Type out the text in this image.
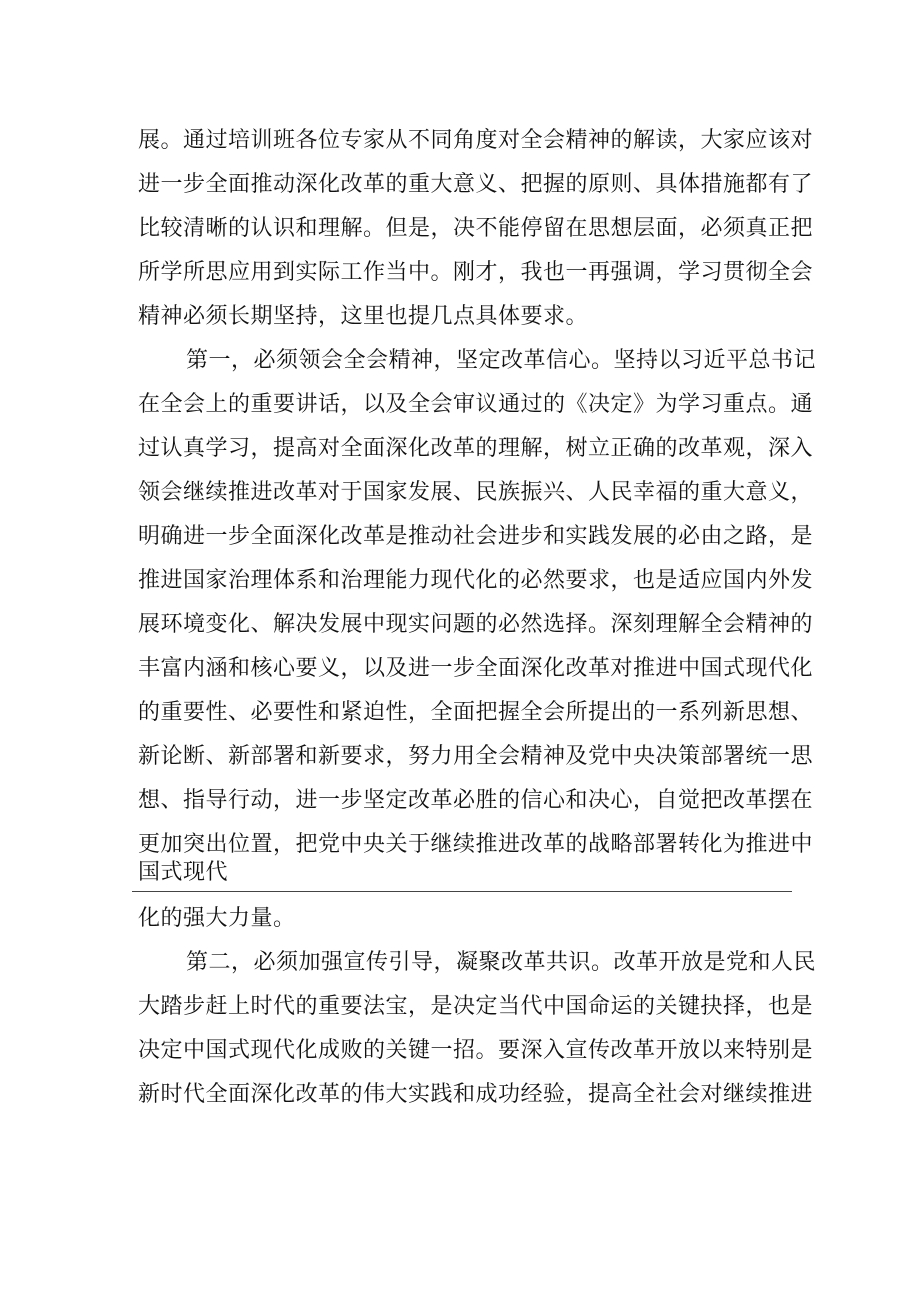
展。通过培训班各位专家从不同角度对全会精神的解读，大家应该对
进一步全面推动深化改革的重大意义、把握的原则、具体措施都有了
比较清晰的认识和理解。但是，决不能停留在思想层面，必须真正把
所学所思应用到实际工作当中。刚才，我也一再强调，学习贯彻全会
精神必须长期坚持，这里也提几点具体要求。
第一，必须领会全会精神，坚定改革信心。坚持以习近平总书记
在全会上的重要讲话，以及全会审议通过的《决定》为学习重点。通
过认真学习，提高对全面深化改革的理解，树立正确的改革观，深入
领会继续推进改革对于国家发展、民族振兴、人民幸福的重大意义，
明确进一步全面深化改革是推动社会进步和实践发展的必由之路，是
推进国家治理体系和治理能力现代化的必然要求，也是适应国内外发
展环境变化、解决发展中现实问题的必然选择。深刻理解全会精神的
丰富内涵和核心要义，以及进一步全面深化改革对推进中国式现代化
的重要性、必要性和紧迫性，全面把握全会所提出的一系列新思想、
新论断、新部署和新要求，努力用全会精神及党中央决策部署统一思
想、指导行动，进一步坚定改革必胜的信心和决心，自觉把改革摆在
更加突出位置，把党中央关于继续推进改革的战略部署转化为推进中
国式现代
化的强大力量。
第二，必须加强宣传引导，凝聚改革共识。改革开放是党和人民
大踏步赶上时代的重要法宝，是决定当代中国命运的关键抉择，也是
决定中国式现代化成败的关键一招。要深入宣传改革开放以来特别是
新时代全面深化改革的伟大实践和成功经验，提高全社会对继续推进
